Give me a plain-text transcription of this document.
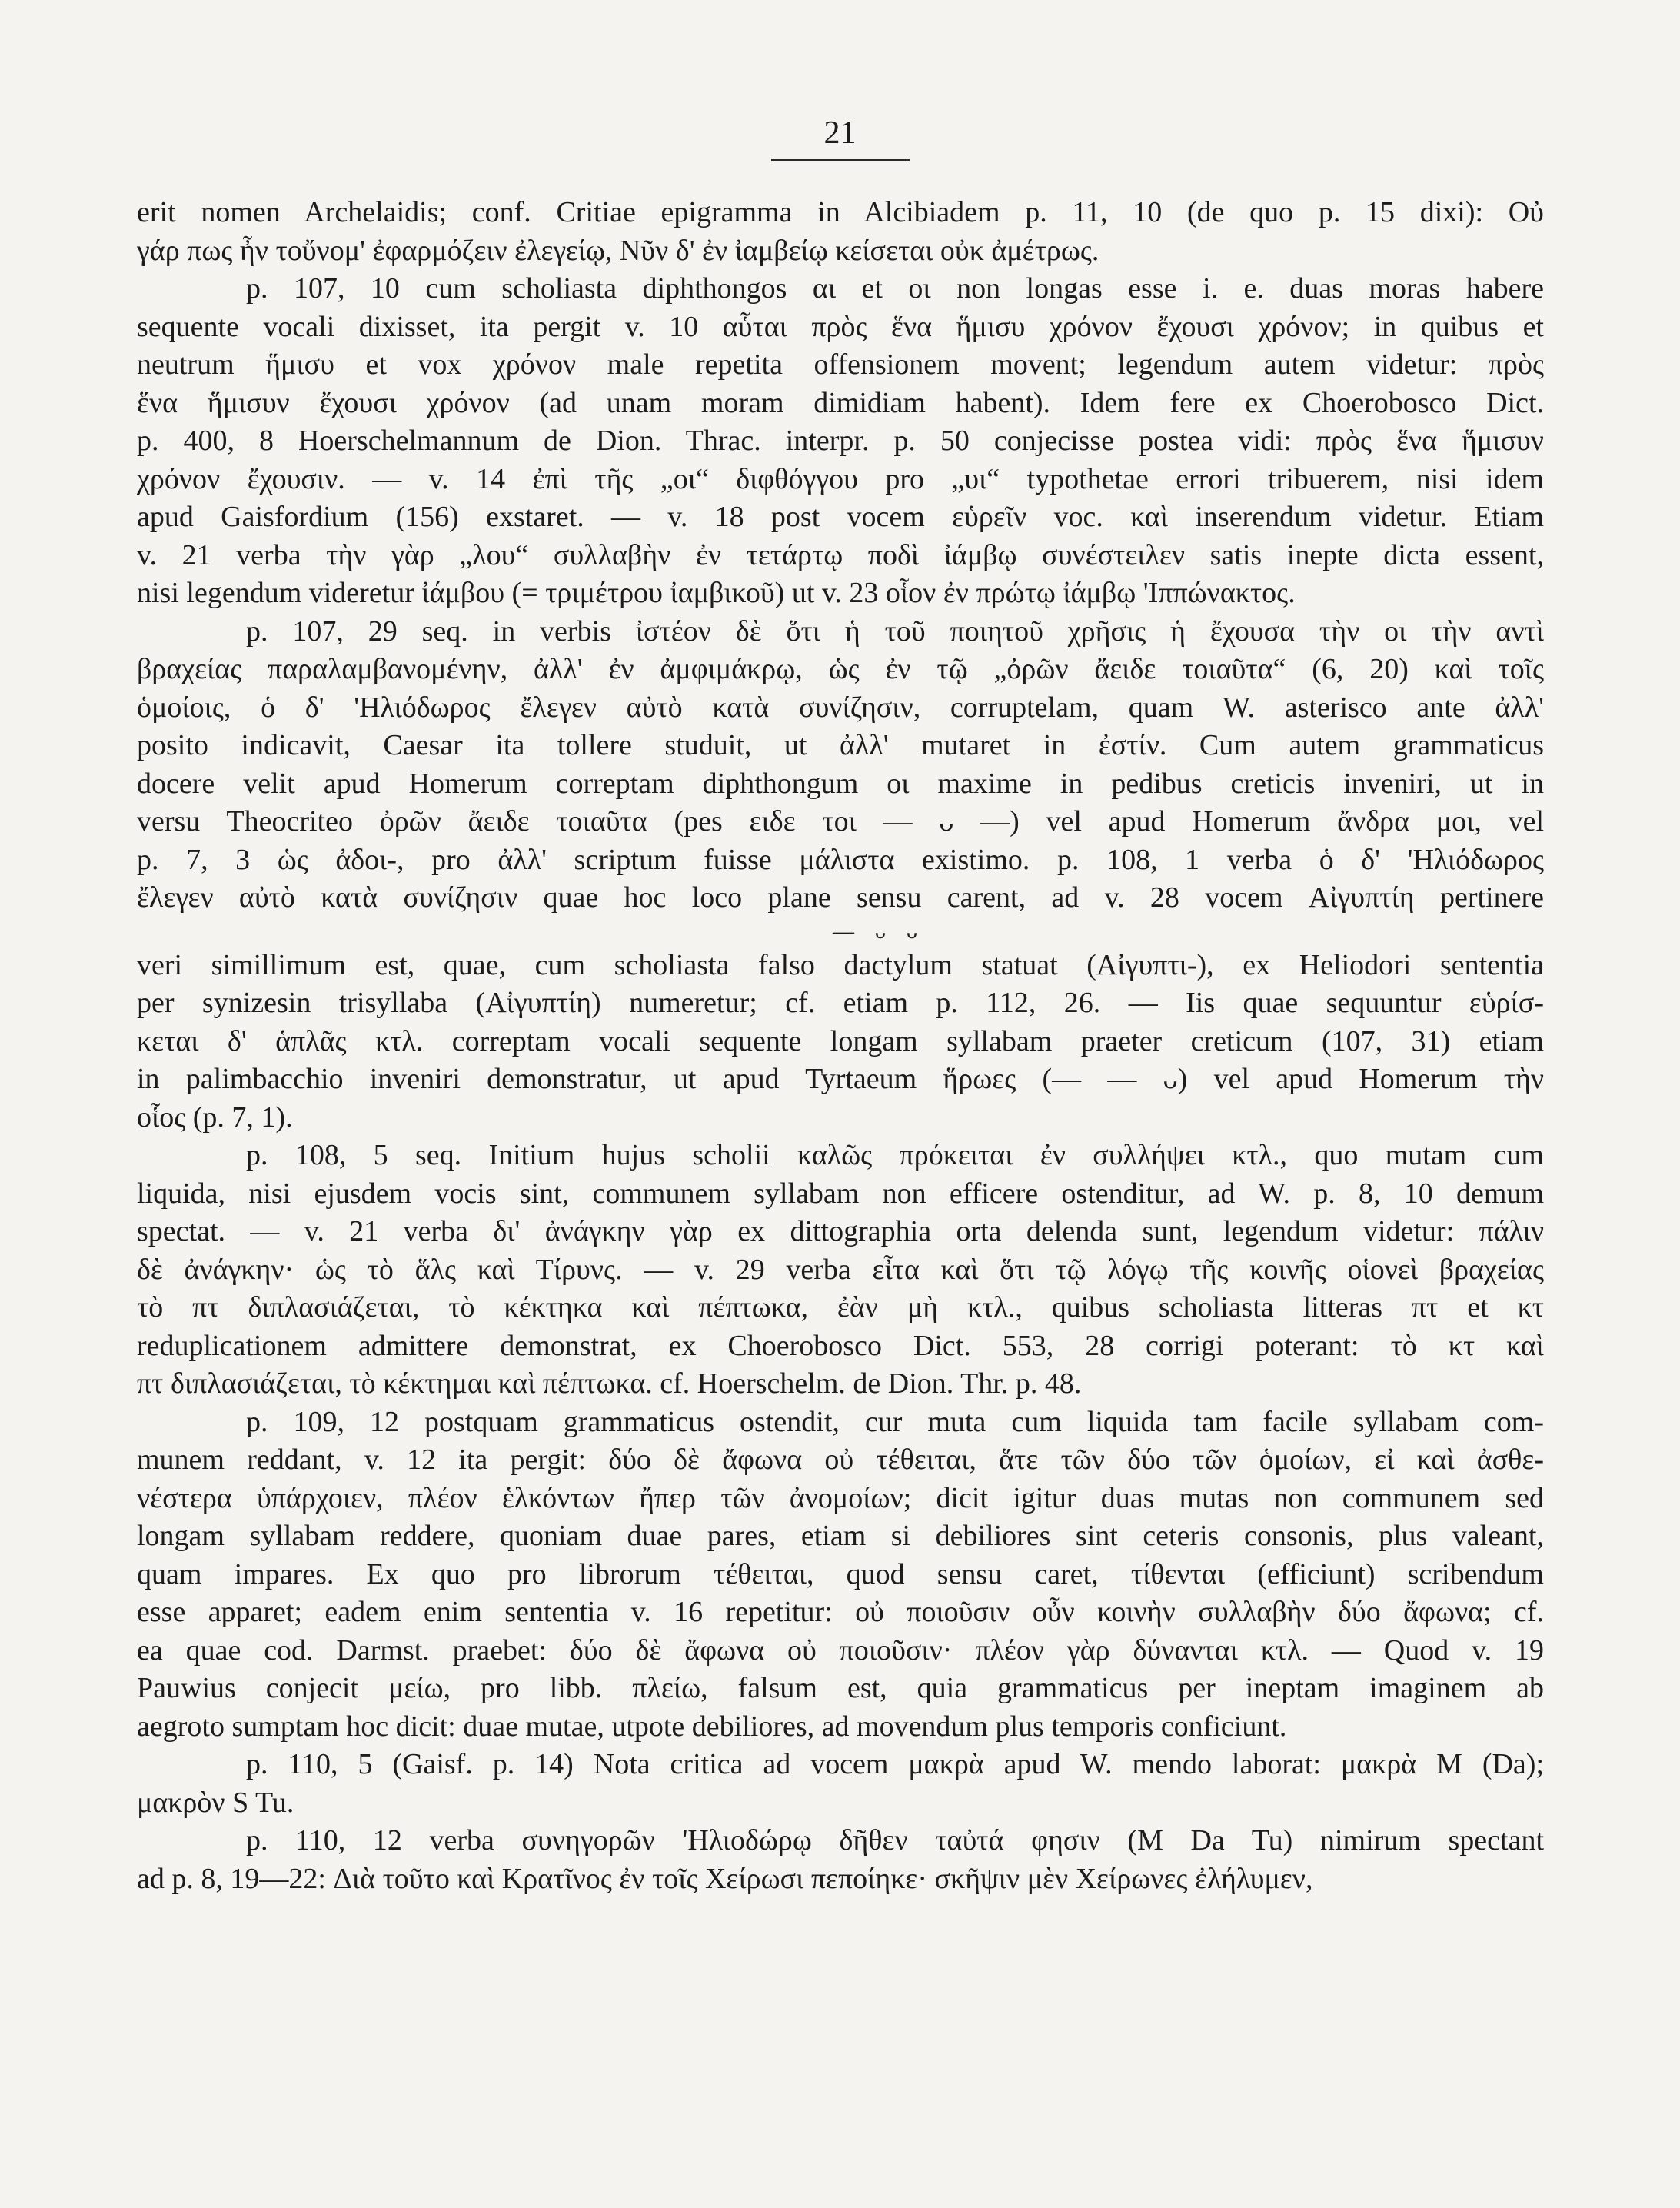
21
erit nomen Archelaidis; conf. Critiae epigramma in Alcibiadem p. 11, 10 (de quo p. 15 dixi): Οὐ
γάρ πως ἦν τοὔνομ' ἐφαρμόζειν ἐλεγείῳ, Νῦν δ' ἐν ἰαμβείῳ κείσεται οὐκ ἀμέτρως.
p. 107, 10 cum scholiasta diphthongos αι et οι non longas esse i. e. duas moras habere
sequente vocali dixisset, ita pergit v. 10 αὗται πρὸς ἕνα ἥμισυ χρόνον ἔχουσι χρόνον; in quibus et
neutrum ἥμισυ et vox χρόνον male repetita offensionem movent; legendum autem videtur: πρὸς
ἕνα ἥμισυν ἔχουσι χρόνον (ad unam moram dimidiam habent). Idem fere ex Choerobosco Dict.
p. 400, 8 Hoerschelmannum de Dion. Thrac. interpr. p. 50 conjecisse postea vidi: πρὸς ἕνα ἥμισυν
χρόνον ἔχουσιν. — v. 14 ἐπὶ τῆς „οι“ διφθόγγου pro „υι“ typothetae errori tribuerem, nisi idem
apud Gaisfordium (156) exstaret. — v. 18 post vocem εὑρεῖν voc. καὶ inserendum videtur. Etiam
v. 21 verba τὴν γὰρ „λου“ συλλαβὴν ἐν τετάρτῳ ποδὶ ἰάμβῳ συνέστειλεν satis inepte dicta essent,
nisi legendum videretur ἰάμβου (= τριμέτρου ἰαμβικοῦ) ut v. 23 οἷον ἐν πρώτῳ ἰάμβῳ 'Ιππώνακτος.
p. 107, 29 seq. in verbis ἰστέον δὲ ὅτι ἡ τοῦ ποιητοῦ χρῆσις ἡ ἔχουσα τὴν οι τὴν αντὶ
βραχείας παραλαμβανομένην, ἀλλ' ἐν ἀμφιμάκρῳ, ὡς ἐν τῷ „ὀρῶν ἄειδε τοιαῦτα“ (6, 20) καὶ τοῖς
ὁμοίοις, ὁ δ' 'Ηλιόδωρος ἔλεγεν αὐτὸ κατὰ συνίζησιν, corruptelam, quam W. asterisco ante ἀλλ'
posito indicavit, Caesar ita tollere studuit, ut ἀλλ' mutaret in ἐστίν. Cum autem grammaticus
docere velit apud Homerum correptam diphthongum οι maxime in pedibus creticis inveniri, ut in
versu Theocriteo ὀρῶν ἄειδε τοιαῦτα (pes ειδε τοι — ᴗ —) vel apud Homerum ἄνδρα μοι, vel
p. 7, 3 ὡς ἀδοι-, pro ἀλλ' scriptum fuisse μάλιστα existimo. p. 108, 1 verba ὁ δ' 'Ηλιόδωρος
ἔλεγεν αὐτὸ κατὰ συνίζησιν quae hoc loco plane sensu carent, ad v. 28 vocem Αἰγυπτίη pertinere
— ᴗ ᴗ
veri simillimum est, quae, cum scholiasta falso dactylum statuat (Αἰγυπτι-), ex Heliodori sententia
per synizesin trisyllaba (Αἰγυπτίη) numeretur; cf. etiam p. 112, 26. — Iis quae sequuntur εὑρίσ-
κεται δ' ἁπλᾶς κτλ. correptam vocali sequente longam syllabam praeter creticum (107, 31) etiam
in palimbacchio inveniri demonstratur, ut apud Tyrtaeum ἥρωες (— — ᴗ) vel apud Homerum τὴν
οἷος (p. 7, 1).
p. 108, 5 seq. Initium hujus scholii καλῶς πρόκειται ἐν συλλήψει κτλ., quo mutam cum
liquida, nisi ejusdem vocis sint, communem syllabam non efficere ostenditur, ad W. p. 8, 10 demum
spectat. — v. 21 verba δι' ἀνάγκην γὰρ ex dittographia orta delenda sunt, legendum videtur: πάλιν
δὲ ἀνάγκην· ὡς τὸ ἅλς καὶ Τίρυνς. — v. 29 verba εἶτα καὶ ὅτι τῷ λόγῳ τῆς κοινῆς οἱονεὶ βραχείας
τὸ πτ διπλασιάζεται, τὸ κέκτηκα καὶ πέπτωκα, ἐὰν μὴ κτλ., quibus scholiasta litteras πτ et κτ
reduplicationem admittere demonstrat, ex Choerobosco Dict. 553, 28 corrigi poterant: τὸ κτ καὶ
πτ διπλασιάζεται, τὸ κέκτημαι καὶ πέπτωκα. cf. Hoerschelm. de Dion. Thr. p. 48.
p. 109, 12 postquam grammaticus ostendit, cur muta cum liquida tam facile syllabam com-
munem reddant, v. 12 ita pergit: δύο δὲ ἄφωνα οὐ τέθειται, ἅτε τῶν δύο τῶν ὁμοίων, εἰ καὶ ἀσθε-
νέστερα ὑπάρχοιεν, πλέον ἑλκόντων ἤπερ τῶν ἀνομοίων; dicit igitur duas mutas non communem sed
longam syllabam reddere, quoniam duae pares, etiam si debiliores sint ceteris consonis, plus valeant,
quam impares. Ex quo pro librorum τέθειται, quod sensu caret, τίθενται (efficiunt) scribendum
esse apparet; eadem enim sententia v. 16 repetitur: οὐ ποιοῦσιν οὖν κοινὴν συλλαβὴν δύο ἄφωνα; cf.
ea quae cod. Darmst. praebet: δύο δὲ ἄφωνα οὐ ποιοῦσιν· πλέον γὰρ δύνανται κτλ. — Quod v. 19
Pauwius conjecit μείω, pro libb. πλείω, falsum est, quia grammaticus per ineptam imaginem ab
aegroto sumptam hoc dicit: duae mutae, utpote debiliores, ad movendum plus temporis conficiunt.
p. 110, 5 (Gaisf. p. 14) Nota critica ad vocem μακρὰ apud W. mendo laborat: μακρὰ M (Da);
μακρὸν S Tu.
p. 110, 12 verba συνηγορῶν 'Ηλιοδώρῳ δῆθεν ταὐτά φησιν (M Da Tu) nimirum spectant
ad p. 8, 19—22: Διὰ τοῦτο καὶ Κρατῖνος ἐν τοῖς Χείρωσι πεποίηκε· σκῆψιν μὲν Χείρωνες ἐλήλυμεν,
